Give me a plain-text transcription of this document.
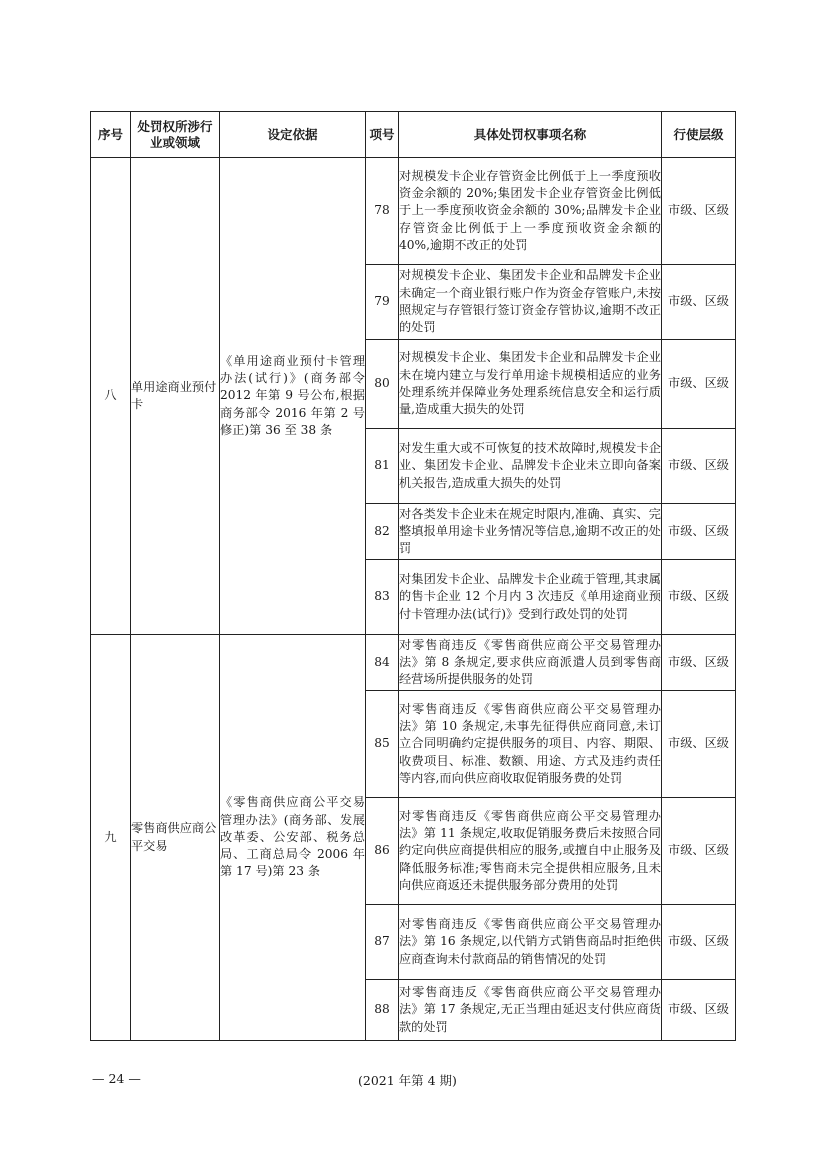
序号	处罚权所涉行业或领域	设定依据	项号	具体处罚权事项名称	行使层级
八	单用途商业预付卡	《单用途商业预付卡管理办法(试行)》(商务部令 2012 年第 9 号公布,根据商务部令 2016 年第 2 号修正)第 36 至 38 条	78	对规模发卡企业存管资金比例低于上一季度预收资金余额的 20%;集团发卡企业存管资金比例低于上一季度预收资金余额的 30%;品牌发卡企业存管资金比例低于上一季度预收资金余额的 40%,逾期不改正的处罚	市级、区级
			79	对规模发卡企业、集团发卡企业和品牌发卡企业未确定一个商业银行账户作为资金存管账户,未按照规定与存管银行签订资金存管协议,逾期不改正的处罚	市级、区级
			80	对规模发卡企业、集团发卡企业和品牌发卡企业未在境内建立与发行单用途卡规模相适应的业务处理系统并保障业务处理系统信息安全和运行质量,造成重大损失的处罚	市级、区级
			81	对发生重大或不可恢复的技术故障时,规模发卡企业、集团发卡企业、品牌发卡企业未立即向备案机关报告,造成重大损失的处罚	市级、区级
			82	对各类发卡企业未在规定时限内,准确、真实、完整填报单用途卡业务情况等信息,逾期不改正的处罚	市级、区级
			83	对集团发卡企业、品牌发卡企业疏于管理,其隶属的售卡企业 12 个月内 3 次违反《单用途商业预付卡管理办法(试行)》受到行政处罚的处罚	市级、区级
九	零售商供应商公平交易	《零售商供应商公平交易管理办法》(商务部、发展改革委、公安部、税务总局、工商总局令 2006 年第 17 号)第 23 条	84	对零售商违反《零售商供应商公平交易管理办法》第 8 条规定,要求供应商派遣人员到零售商经营场所提供服务的处罚	市级、区级
			85	对零售商违反《零售商供应商公平交易管理办法》第 10 条规定,未事先征得供应商同意,未订立合同明确约定提供服务的项目、内容、期限、收费项目、标准、数额、用途、方式及违约责任等内容,而向供应商收取促销服务费的处罚	市级、区级
			86	对零售商违反《零售商供应商公平交易管理办法》第 11 条规定,收取促销服务费后未按照合同约定向供应商提供相应的服务,或擅自中止服务及降低服务标准;零售商未完全提供相应服务,且未向供应商返还未提供服务部分费用的处罚	市级、区级
			87	对零售商违反《零售商供应商公平交易管理办法》第 16 条规定,以代销方式销售商品时拒绝供应商查询未付款商品的销售情况的处罚	市级、区级
			88	对零售商违反《零售商供应商公平交易管理办法》第 17 条规定,无正当理由延迟支付供应商货款的处罚	市级、区级
— 24 —	(2021 年第 4 期)
